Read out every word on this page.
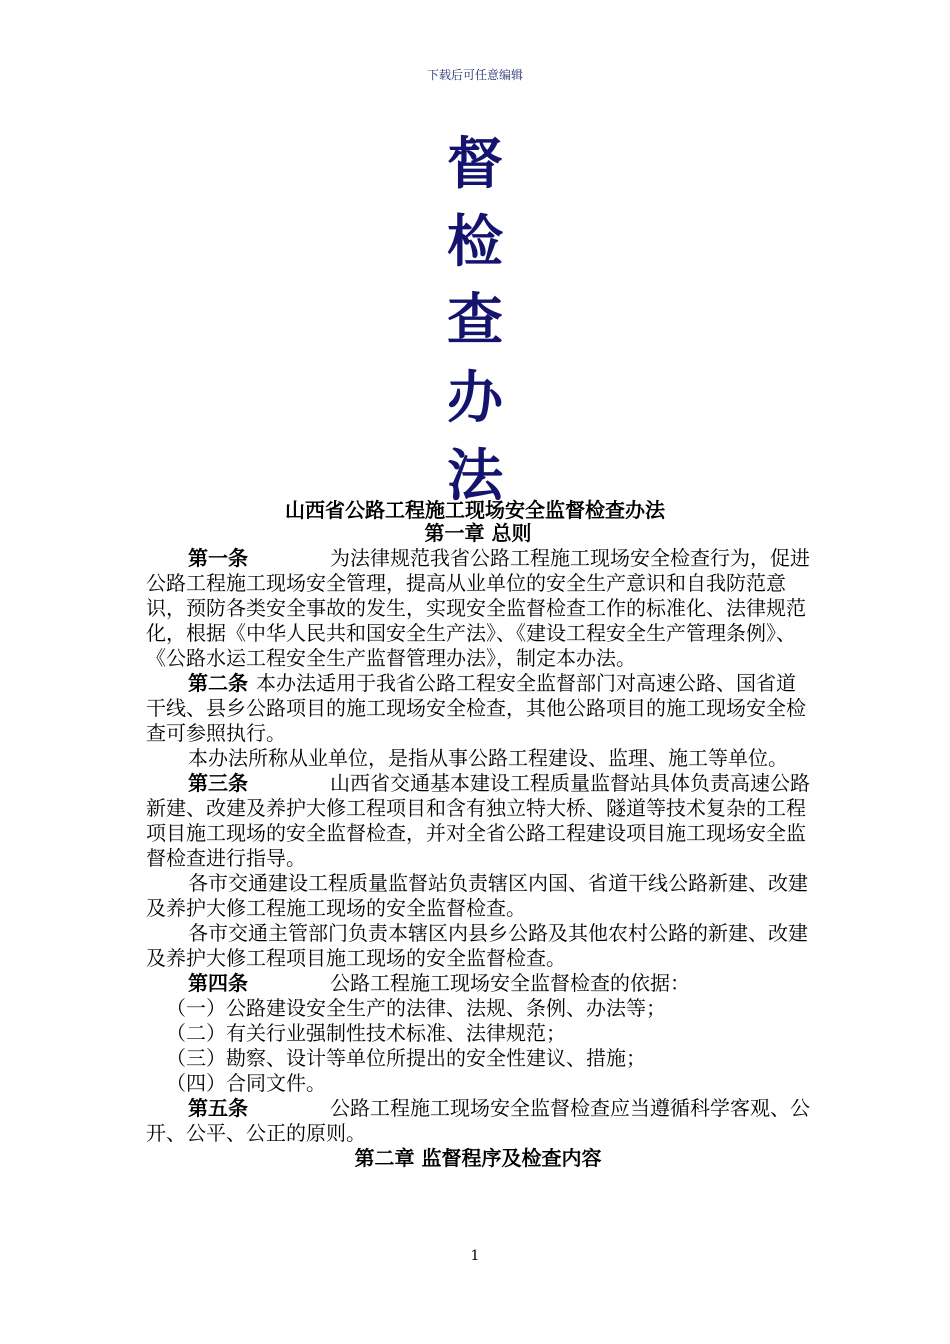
下载后可任意编辑
督
检
查
办
法
山西省公路工程施工现场安全监督检查办法
第一章 总则
第一条	为法律规范我省公路工程施工现场安全检查行为，促进公路工程施工现场安全管理，提高从业单位的安全生产意识和自我防范意识，预防各类安全事故的发生，实现安全监督检查工作的标准化、法律规范化，根据《中华人民共和国安全生产法》、《建设工程安全生产管理条例》、《公路水运工程安全生产监督管理办法》，制定本办法。
第二条 本办法适用于我省公路工程安全监督部门对高速公路、国省道干线、县乡公路项目的施工现场安全检查，其他公路项目的施工现场安全检查可参照执行。
本办法所称从业单位，是指从事公路工程建设、监理、施工等单位。
第三条	山西省交通基本建设工程质量监督站具体负责高速公路新建、改建及养护大修工程项目和含有独立特大桥、隧道等技术复杂的工程项目施工现场的安全监督检查，并对全省公路工程建设项目施工现场安全监督检查进行指导。
各市交通建设工程质量监督站负责辖区内国、省道干线公路新建、改建及养护大修工程施工现场的安全监督检查。
各市交通主管部门负责本辖区内县乡公路及其他农村公路的新建、改建及养护大修工程项目施工现场的安全监督检查。
第四条	公路工程施工现场安全监督检查的依据：
（一）公路建设安全生产的法律、法规、条例、办法等；
（二）有关行业强制性技术标准、法律规范；
（三）勘察、设计等单位所提出的安全性建议、措施；
（四）合同文件。
第五条	公路工程施工现场安全监督检查应当遵循科学客观、公开、公平、公正的原则。
第二章 监督程序及检查内容
1
